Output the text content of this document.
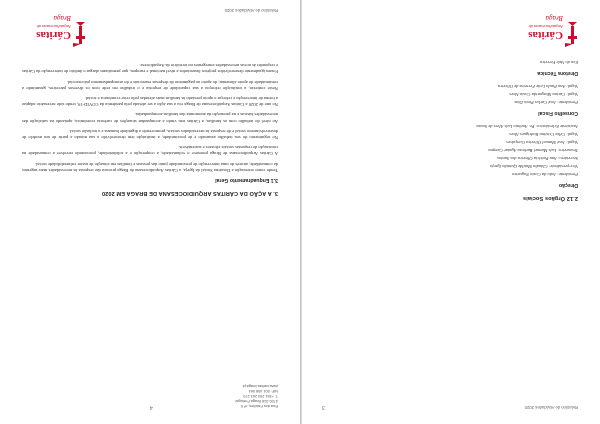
Relatório de Atividades 2020
3
2.12 Órgãos Sociais
Direção
Presidente: João da Costa Nogueira
Vice-presidente: Cláudia Matilde Quintão Igreja
Secretário: Ana Patrícia Oliveira dos Santos
Tesoureiro: Luís Manuel Barbosa Aguiar Campos
Vogal: José Manuel Oliveira Gonçalves
Vogal: Célia Cristina Rodrigues Alves
Assistente Eclesiástico: Pe. Antônio Luís Alves de Sousa
Conselho Fiscal
Presidente: José Carlos Pinto Dias
Vogal: Carina Margarida Costa Alves
Vogal: Ana Paula Leite Ferreira de Oliveira
Diretora Técnica
Eva do Vale Ferreira
Cáritas
Arquidiocesana de
Braga
Rua dos Falcões, nº 5
4700-316 Braga Portugal
T. +351 253 263 270
NIF: 501 458 964
www.caritas-braga.pt
4
3. A AÇÃO DA CÁRITAS ARQUIDIOCESANA DE BRAGA EM 2020
3.1 Enquadramento Geral

Tendo como orientação a Doutrina Social da Igreja, a Cáritas Arquidiocesana de Braga procura dar resposta às necessidades mais urgentes da comunidade, através de uma intervenção de proximidade junto das pessoas e famílias em situação de maior vulnerabilidade social.

A Cáritas Arquidiocesana de Braga promove o voluntariado, a cooperação e a solidariedade, procurando envolver a comunidade na construção de respostas sociais eficazes e sustentáveis.

No seguimento do seu trabalho assumido e de proximidade, a instituição tem desenvolvido a sua missão a partir de um modelo de desenvolvimento social e de resposta às necessidades sociais, promovendo a dignidade humana e a inclusão social.

Ao nível do trabalho com as famílias, a Cáritas tem vindo a acompanhar situações de carência económica, apoiando na satisfação das necessidades básicas e na promoção da autonomia das famílias acompanhadas.

No ano de 2020 a Cáritas Arquidiocesana de Braga viu a sua ação a ser afetada pela pandemia da COVID-19, tendo sido necessário adaptar a forma de intervenção e reforçar o apoio prestado às famílias mais afetadas pela crise económica e social.

Neste contexto, a instituição reforçou a sua capacidade de resposta e o trabalho em rede com os diversos parceiros, garantindo a continuidade do apoio alimentar, do apoio ao pagamento de despesas essenciais e do acompanhamento psicossocial.

Foram igualmente desenvolvidos projetos financiados a nível nacional e europeu, que permitiram alargar o âmbito de intervenção da Cáritas e responder às novas necessidades emergentes no território da Arquidiocese.

Relatório de Atividades 2020
Cáritas
Arquidiocesana de
Braga
